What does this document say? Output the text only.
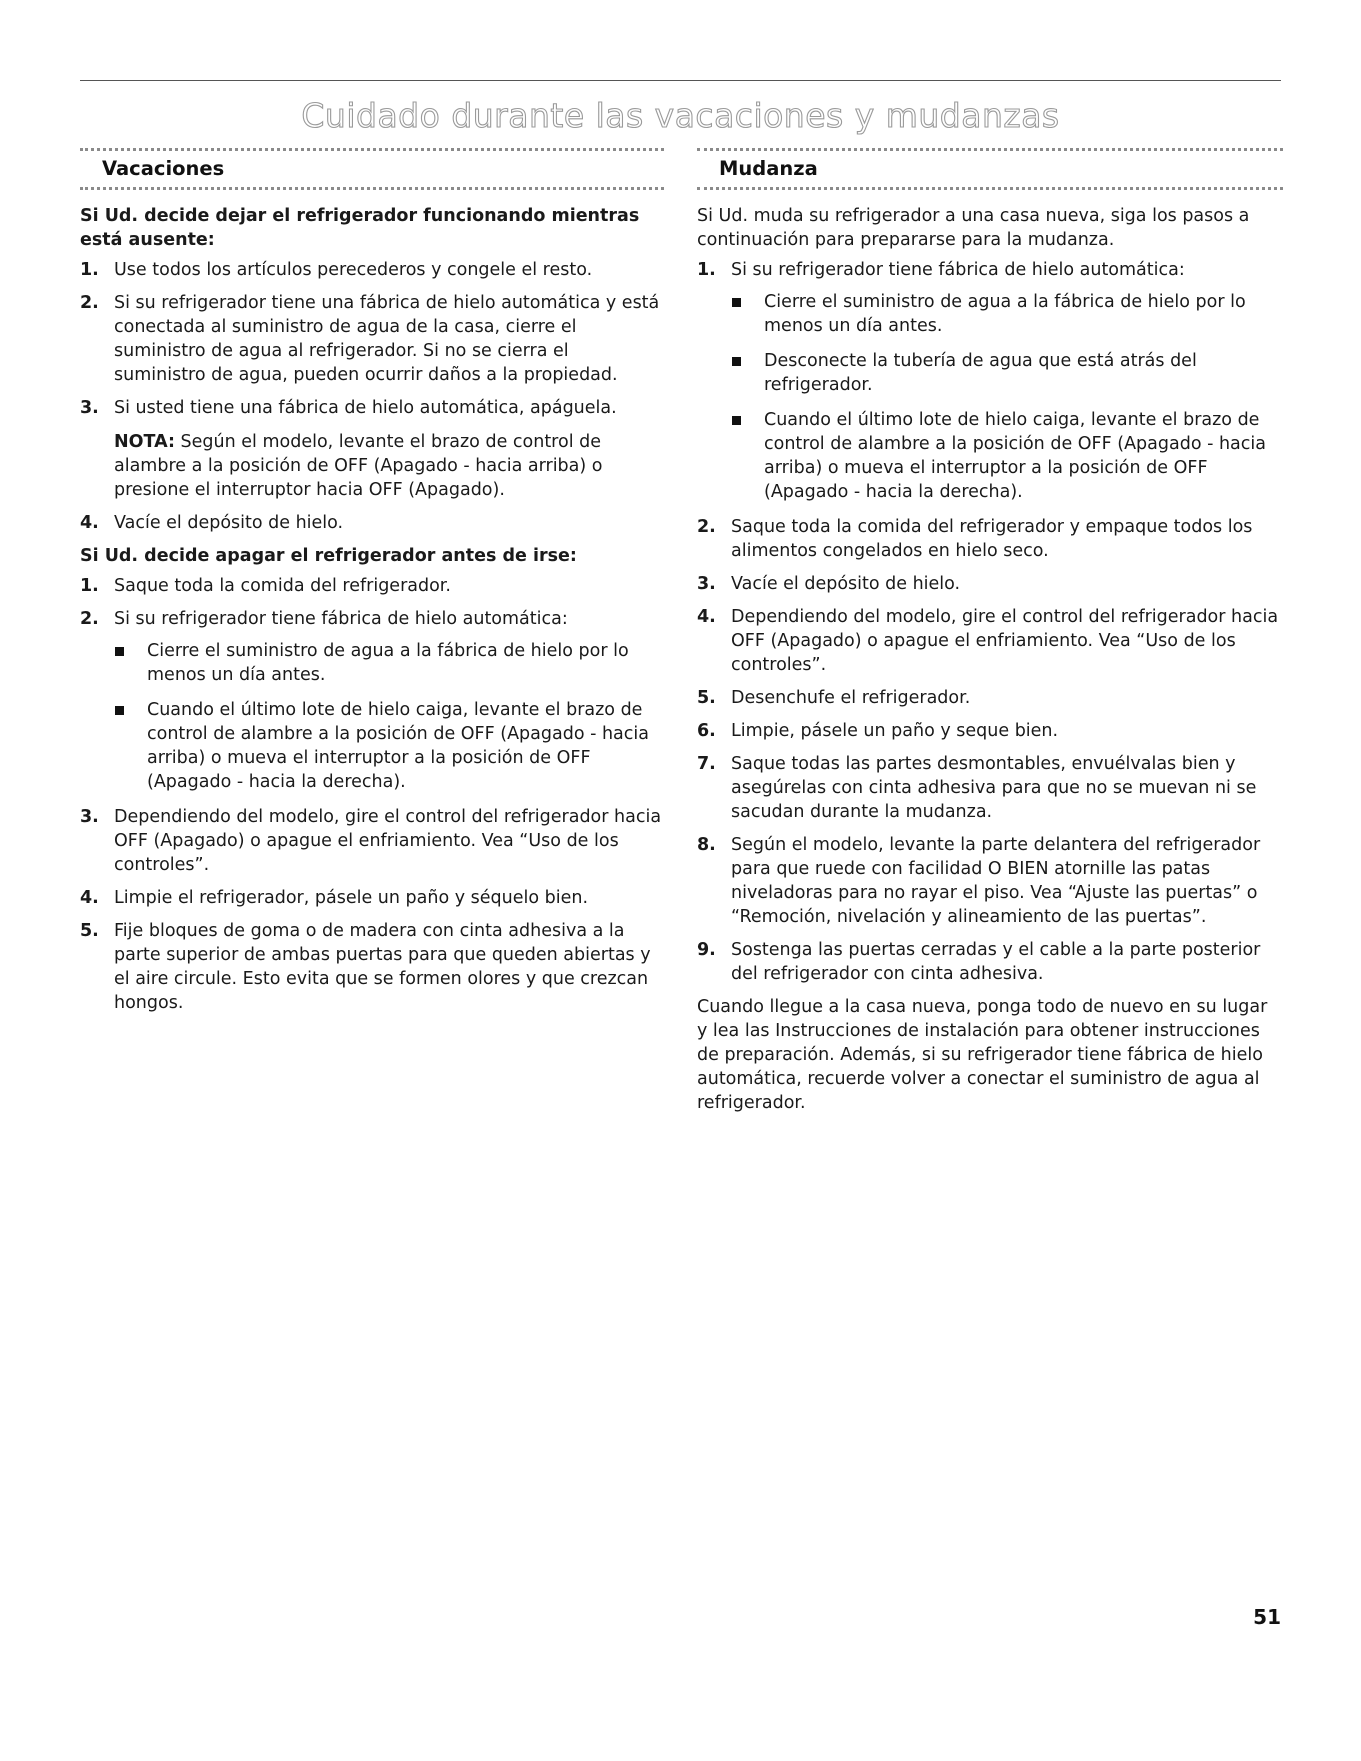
Cuidado durante las vacaciones y mudanzas
Vacaciones

Si Ud. decide dejar el refrigerador funcionando mientras está ausente:

1. Use todos los artículos perecederos y congele el resto.
2. Si su refrigerador tiene una fábrica de hielo automática y está conectada al suministro de agua de la casa, cierre el suministro de agua al refrigerador. Si no se cierra el suministro de agua, pueden ocurrir daños a la propiedad.
3. Si usted tiene una fábrica de hielo automática, apáguela.

NOTA: Según el modelo, levante el brazo de control de alambre a la posición de OFF (Apagado - hacia arriba) o presione el interruptor hacia OFF (Apagado).

4. Vacíe el depósito de hielo.

Si Ud. decide apagar el refrigerador antes de irse:

1. Saque toda la comida del refrigerador.
2. Si su refrigerador tiene fábrica de hielo automática:
Cierre el suministro de agua a la fábrica de hielo por lo menos un día antes.
Cuando el último lote de hielo caiga, levante el brazo de control de alambre a la posición de OFF (Apagado - hacia arriba) o mueva el interruptor a la posición de OFF (Apagado - hacia la derecha).
3. Dependiendo del modelo, gire el control del refrigerador hacia OFF (Apagado) o apague el enfriamiento. Vea “Uso de los controles”.
4. Limpie el refrigerador, pásele un paño y séquelo bien.
5. Fije bloques de goma o de madera con cinta adhesiva a la parte superior de ambas puertas para que queden abiertas y el aire circule. Esto evita que se formen olores y que crezcan hongos.
Mudanza

Si Ud. muda su refrigerador a una casa nueva, siga los pasos a continuación para prepararse para la mudanza.

1. Si su refrigerador tiene fábrica de hielo automática:
Cierre el suministro de agua a la fábrica de hielo por lo menos un día antes.
Desconecte la tubería de agua que está atrás del refrigerador.
Cuando el último lote de hielo caiga, levante el brazo de control de alambre a la posición de OFF (Apagado - hacia arriba) o mueva el interruptor a la posición de OFF (Apagado - hacia la derecha).
2. Saque toda la comida del refrigerador y empaque todos los alimentos congelados en hielo seco.
3. Vacíe el depósito de hielo.
4. Dependiendo del modelo, gire el control del refrigerador hacia OFF (Apagado) o apague el enfriamiento. Vea “Uso de los controles”.
5. Desenchufe el refrigerador.
6. Limpie, pásele un paño y seque bien.
7. Saque todas las partes desmontables, envuélvalas bien y asegúrelas con cinta adhesiva para que no se muevan ni se sacudan durante la mudanza.
8. Según el modelo, levante la parte delantera del refrigerador para que ruede con facilidad O BIEN atornille las patas niveladoras para no rayar el piso. Vea “Ajuste las puertas” o “Remoción, nivelación y alineamiento de las puertas”.
9. Sostenga las puertas cerradas y el cable a la parte posterior del refrigerador con cinta adhesiva.

Cuando llegue a la casa nueva, ponga todo de nuevo en su lugar y lea las Instrucciones de instalación para obtener instrucciones de preparación. Además, si su refrigerador tiene fábrica de hielo automática, recuerde volver a conectar el suministro de agua al refrigerador.

51
